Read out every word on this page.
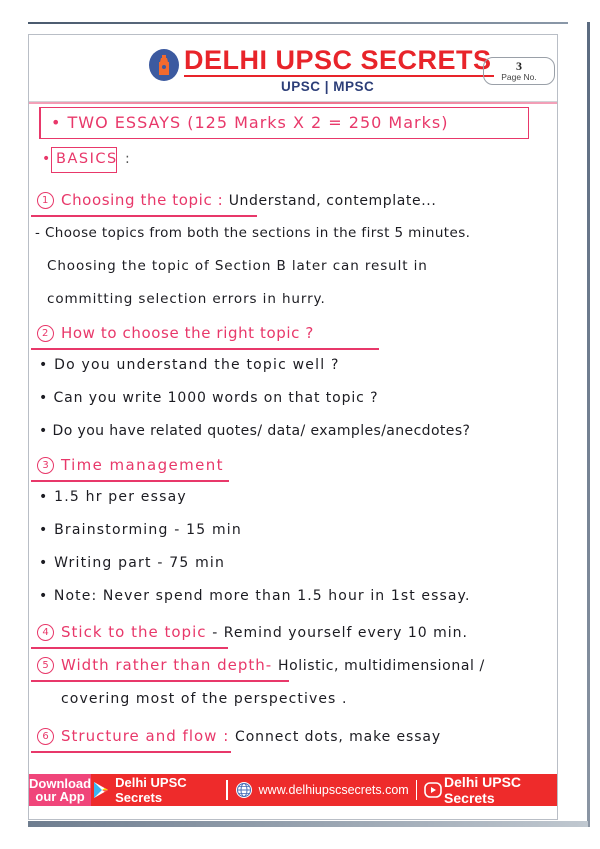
DELHI UPSC SECRETS
UPSC | MPSC
3
Page No.
• TWO ESSAYS (125 Marks X 2 = 250 Marks)
• BASICS :
1 Choosing the topic : Understand, contemplate...
- Choose topics from both the sections in the first 5 minutes.
Choosing the topic of Section B later can result in
committing selection errors in hurry.
2 How to choose the right topic ?
• Do you understand the topic well ?
• Can you write 1000 words on that topic ?
• Do you have related quotes/ data/ examples/anecdotes?
3 Time management
• 1.5 hr per essay
• Brainstorming - 15 min
• Writing part - 75 min
• Note: Never spend more than 1.5 hour in 1st essay.
4 Stick to the topic - Remind yourself every 10 min.
5 Width rather than depth- Holistic, multidimensional /
covering most of the perspectives .
6 Structure and flow : Connect dots, make essay
Download
our App
Delhi UPSC Secrets	www.delhiupscsecrets.com	Delhi UPSC Secrets
